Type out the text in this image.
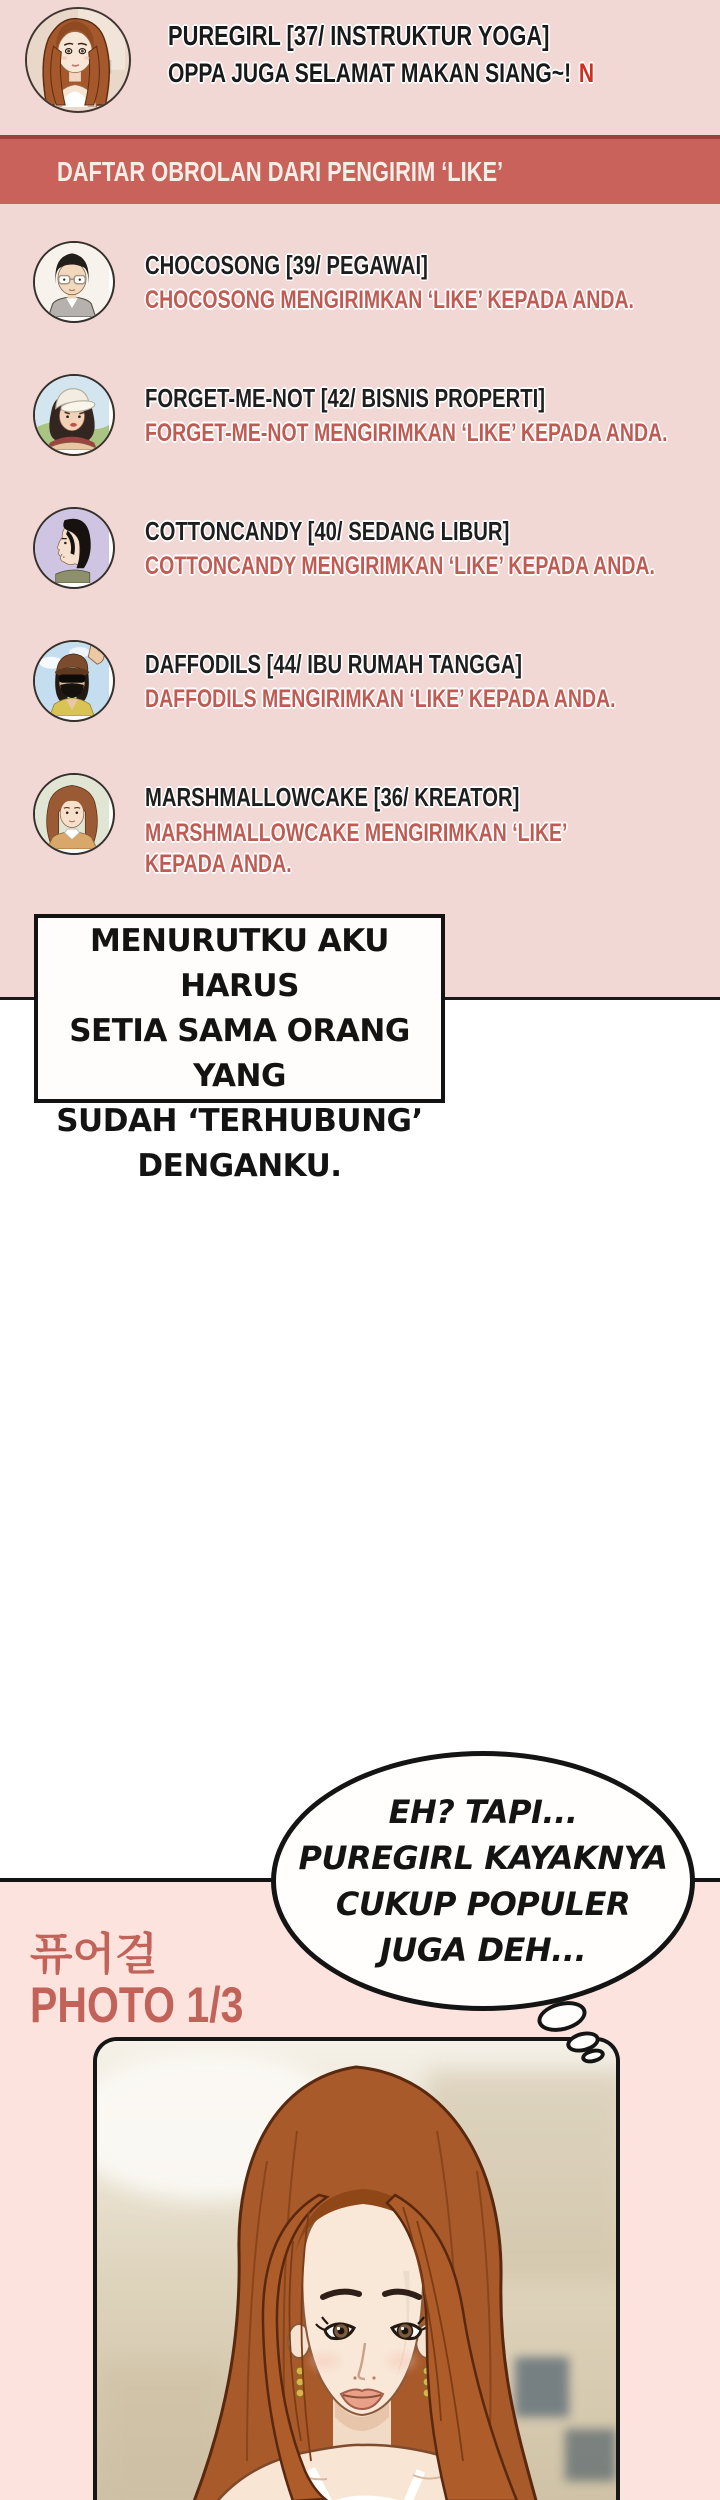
PUREGIRL [37/ INSTRUKTUR YOGA]
OPPA JUGA SELAMAT MAKAN SIANG~! N
DAFTAR OBROLAN DARI PENGIRIM ‘LIKE’
CHOCOSONG [39/ PEGAWAI]
CHOCOSONG MENGIRIMKAN ‘LIKE’ KEPADA ANDA.
FORGET-ME-NOT [42/ BISNIS PROPERTI]
FORGET-ME-NOT MENGIRIMKAN ‘LIKE’ KEPADA ANDA.
COTTONCANDY [40/ SEDANG LIBUR]
COTTONCANDY MENGIRIMKAN ‘LIKE’ KEPADA ANDA.
DAFFODILS [44/ IBU RUMAH TANGGA]
DAFFODILS MENGIRIMKAN ‘LIKE’ KEPADA ANDA.
MARSHMALLOWCAKE [36/ KREATOR]
MARSHMALLOWCAKE MENGIRIMKAN ‘LIKE’ KEPADA ANDA.
MENURUTKU AKU HARUS
SETIA SAMA ORANG YANG
SUDAH ‘TERHUBUNG’
DENGANKU.
퓨어걸
PHOTO 1/3
EH? TAPI...
PUREGIRL KAYAKNYA
CUKUP POPULER
JUGA DEH...
